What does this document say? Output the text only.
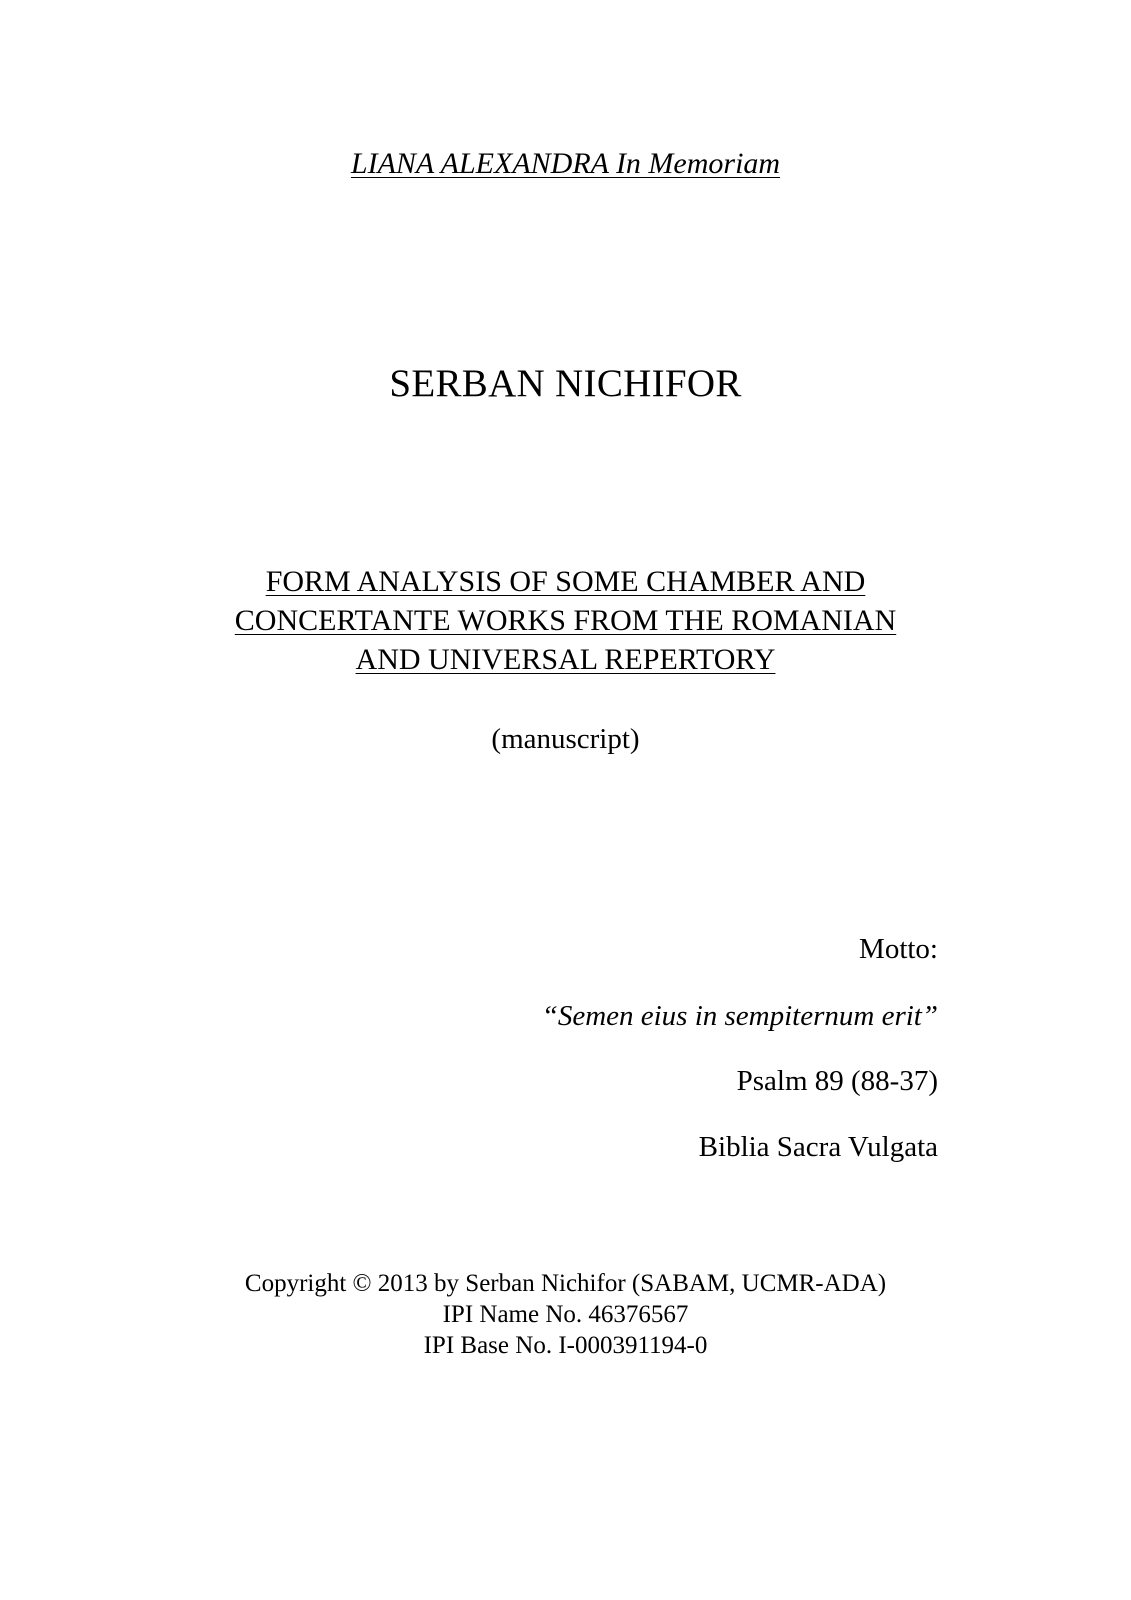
LIANA ALEXANDRA In Memoriam
SERBAN NICHIFOR
FORM ANALYSIS OF SOME CHAMBER AND
CONCERTANTE WORKS FROM THE ROMANIAN
AND UNIVERSAL REPERTORY
(manuscript)
Motto:
“Semen eius in sempiternum erit”
Psalm 89 (88-37)
Biblia Sacra Vulgata
Copyright © 2013 by Serban Nichifor (SABAM, UCMR-ADA)
IPI Name No. 46376567
IPI Base No. I-000391194-0
